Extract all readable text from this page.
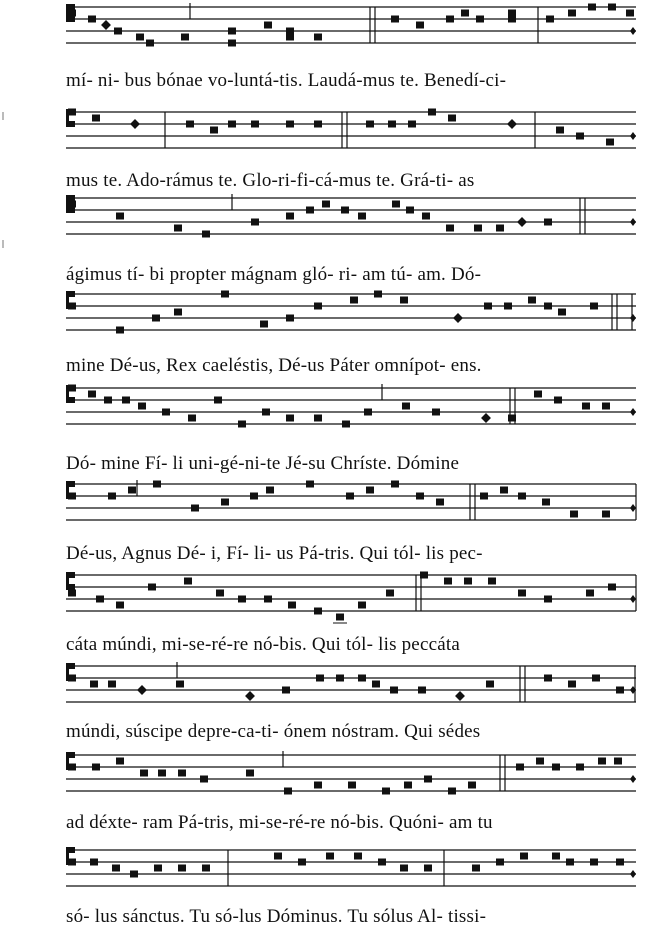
mí- ni- bus bónae vo-luntá-tis. Laudá-mus te. Benedí-ci-
mus te. Ado-rámus te. Glo-ri-fi-cá-mus te. Grá-ti- as
ágimus tí- bi propter mágnam gló- ri- am tú- am. Dó-
mine Dé-us, Rex caeléstis, Dé-us Páter omnípot- ens.
Dó- mine Fí- li uni-gé-ni-te Jé-su Chríste. Dómine
Dé-us, Agnus Dé- i, Fí- li- us Pá-tris. Qui tól- lis pec-
cáta múndi, mi-se-ré-re nó-bis. Qui tól- lis peccáta
múndi, súscipe depre-ca-ti- ónem nóstram. Qui sédes
ad déxte- ram Pá-tris, mi-se-ré-re nó-bis. Quóni- am tu
só- lus sánctus. Tu só-lus Dóminus. Tu sólus Al- tissi-
